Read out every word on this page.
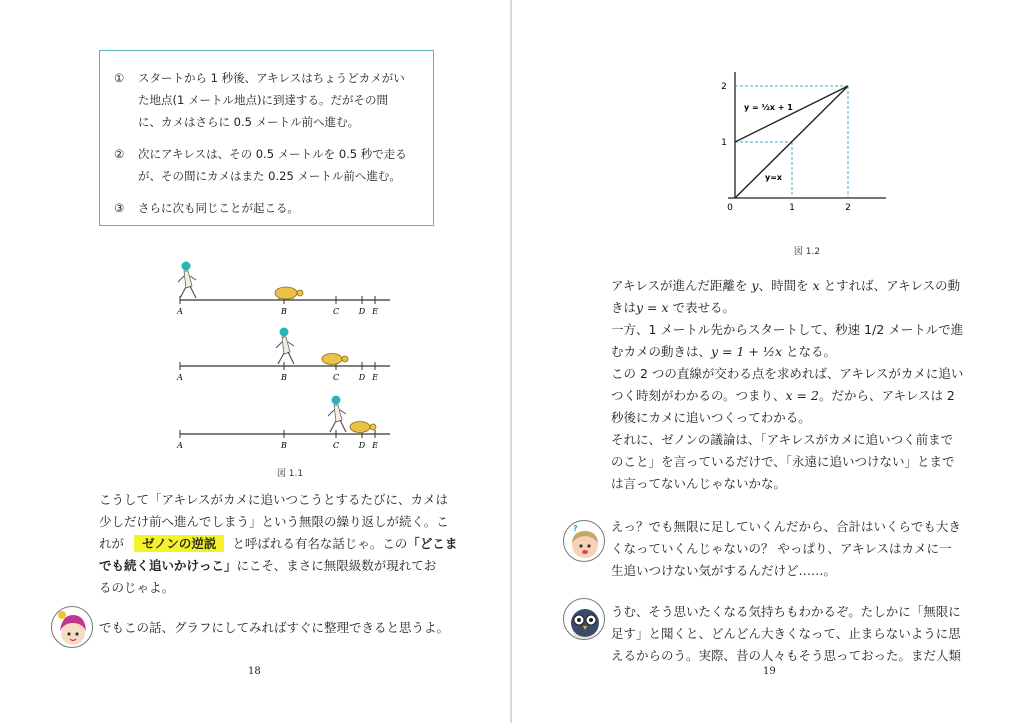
①	スタートから 1 秒後、アキレスはちょうどカメがい
た地点(1 メートル地点)に到達する。だがその間
に、カメはさらに 0.5 メートル前へ進む。
②	次にアキレスは、その 0.5 メートルを 0.5 秒で走る
が、その間にカメはまた 0.25 メートル前へ進む。
③	さらに次も同じことが起こる。
A	B	C D E
A	B	C D E
A	B	C D E
図 1.1
こうして「アキレスがカメに追いつこうとするたびに、カメは
少しだけ前へ進んでしまう」という無限の繰り返しが続く。こ
れが ゼノンの逆説 と呼ばれる有名な話じゃ。この「どこま
でも続く追いかけっこ」にこそ、まさに無限級数が現れてお
るのじゃよ。
でもこの話、グラフにしてみればすぐに整理できると思うよ。
18
2
1
0	1	2
y = ½x + 1
y=x
図 1.2
アキレスが進んだ距離を y、時間を x とすれば、アキレスの動
きはy = x で表せる。
一方、1 メートル先からスタートして、秒速 1/2 メートルで進
むカメの動きは、y = 1 + ½x となる。
この 2 つの直線が交わる点を求めれば、アキレスがカメに追い
つく時刻がわかるの。つまり、x = 2。だから、アキレスは 2
秒後にカメに追いつくってわかる。
それに、ゼノンの議論は、「アキレスがカメに追いつく前まで
のこと」を言っているだけで、「永遠に追いつけない」とまで
は言ってないんじゃないかな。
?	えっ？でも無限に足していくんだから、合計はいくらでも大き
くなっていくんじゃないの？ やっぱり、アキレスはカメに一
生追いつけない気がするんだけど……。
うむ、そう思いたくなる気持ちもわかるぞ。たしかに「無限に
足す」と聞くと、どんどん大きくなって、止まらないように思
えるからのう。実際、昔の人々もそう思っておった。まだ人類
19
